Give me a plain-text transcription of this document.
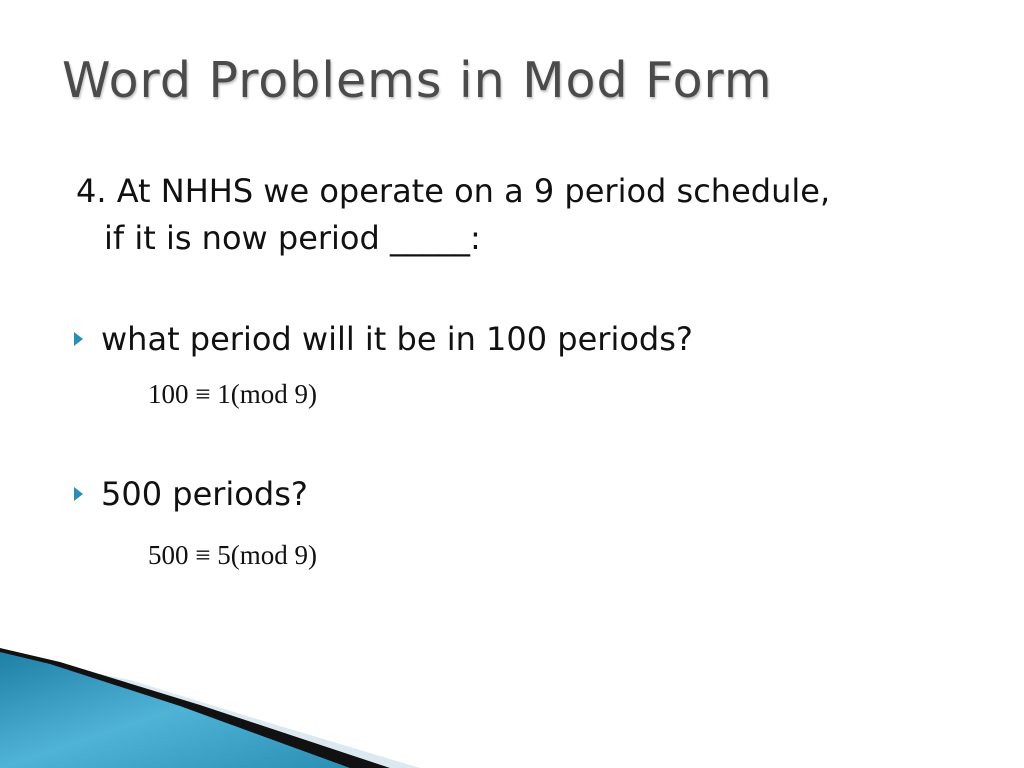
Word Problems in Mod Form
4. At NHHS we operate on a 9 period schedule,
if it is now period _____:
what period will it be in 100 periods?
100 ≡ 1(mod 9)
500 periods?
500 ≡ 5(mod 9)
